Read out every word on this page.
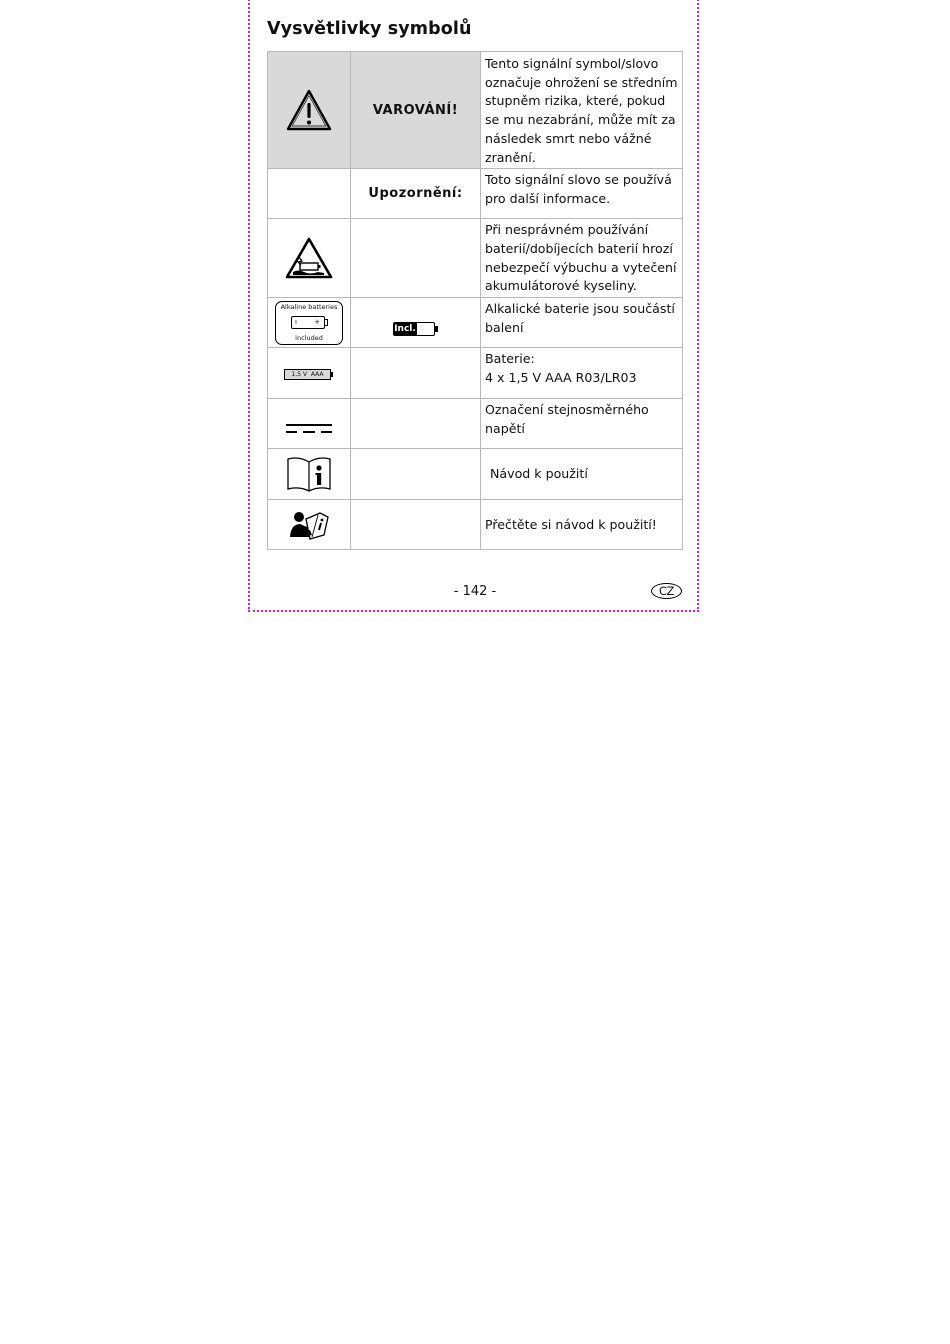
Vysvětlivky symbolů
	VAROVÁNÍ!	Tento signální symbol/slovo označuje ohrožení se středním stupněm rizika, které, pokud se mu nezabrání, může mít za následek smrt nebo vážné zranění.
	Upozornění:	Toto signální slovo se používá pro další informace.
		Při nesprávném používání baterií/dobíjecích baterií hrozí nebezpečí výbuchu a vytečení akumulátorové kyseliny.

Alkaline batteries
ı +
included	Incl.	Alkalické baterie jsou součástí balení

1,5 V  AAA		Baterie:
4 x 1,5 V AAA R03/LR03

		Označení stejnosměrného napětí
		Návod k použití
		Přečtěte si návod k použití!
- 142 -	CZ
